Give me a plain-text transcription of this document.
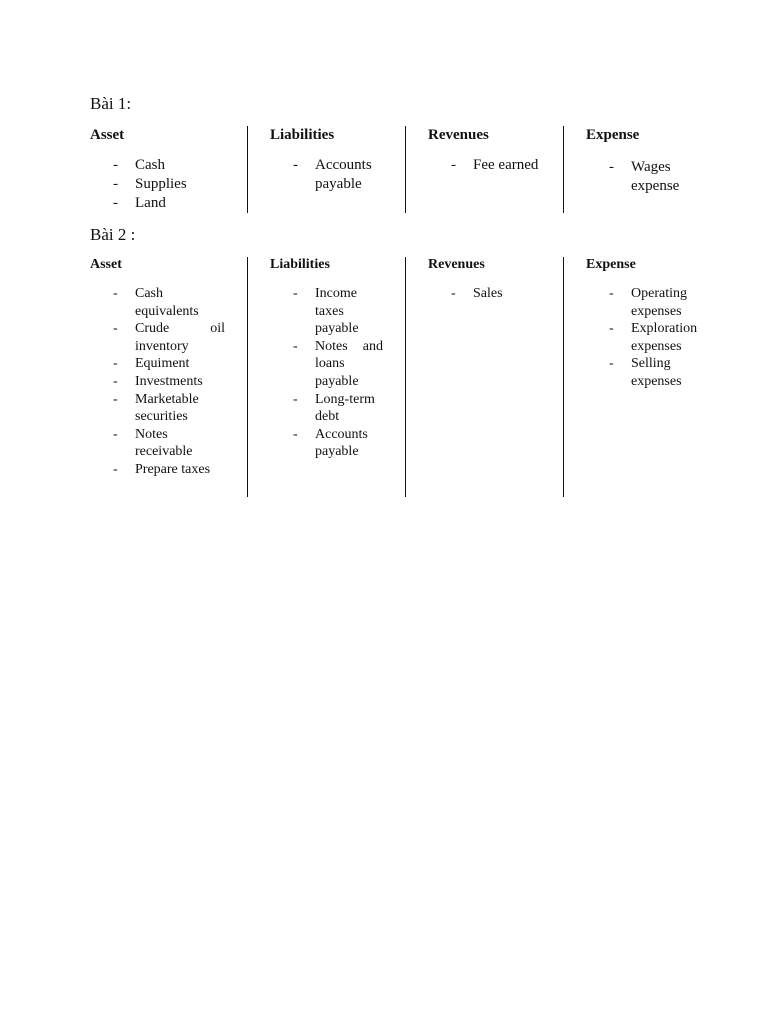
Bài 1:

Asset

- Cash
- Supplies
- Land

Liabilities

- Accounts payable

Revenues

- Fee earned

Expense

- Wages expense
Bài 2 :

Asset

- Cash equivalents
- Crude oil inventory
- Equiment
- Investments
- Marketable securities
- Notes receivable
- Prepare taxes

Liabilities

- Income taxes payable
- Notes and loans payable
- Long-term debt
- Accounts payable

Revenues

- Sales

Expense

- Operating expenses
- Exploration expenses
- Selling expenses
